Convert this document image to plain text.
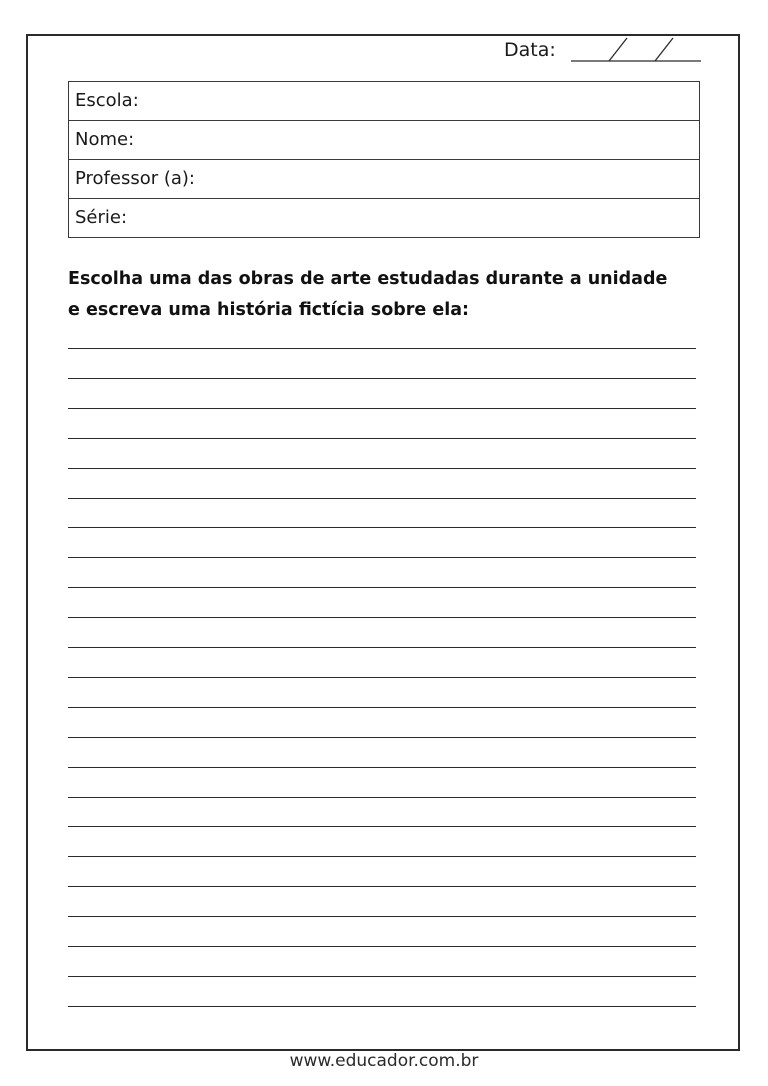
Data:
Escola:
Nome:
Professor (a):
Série:
Escolha uma das obras de arte estudadas durante a unidade
e escreva uma história fictícia sobre ela:
www.educador.com.br
